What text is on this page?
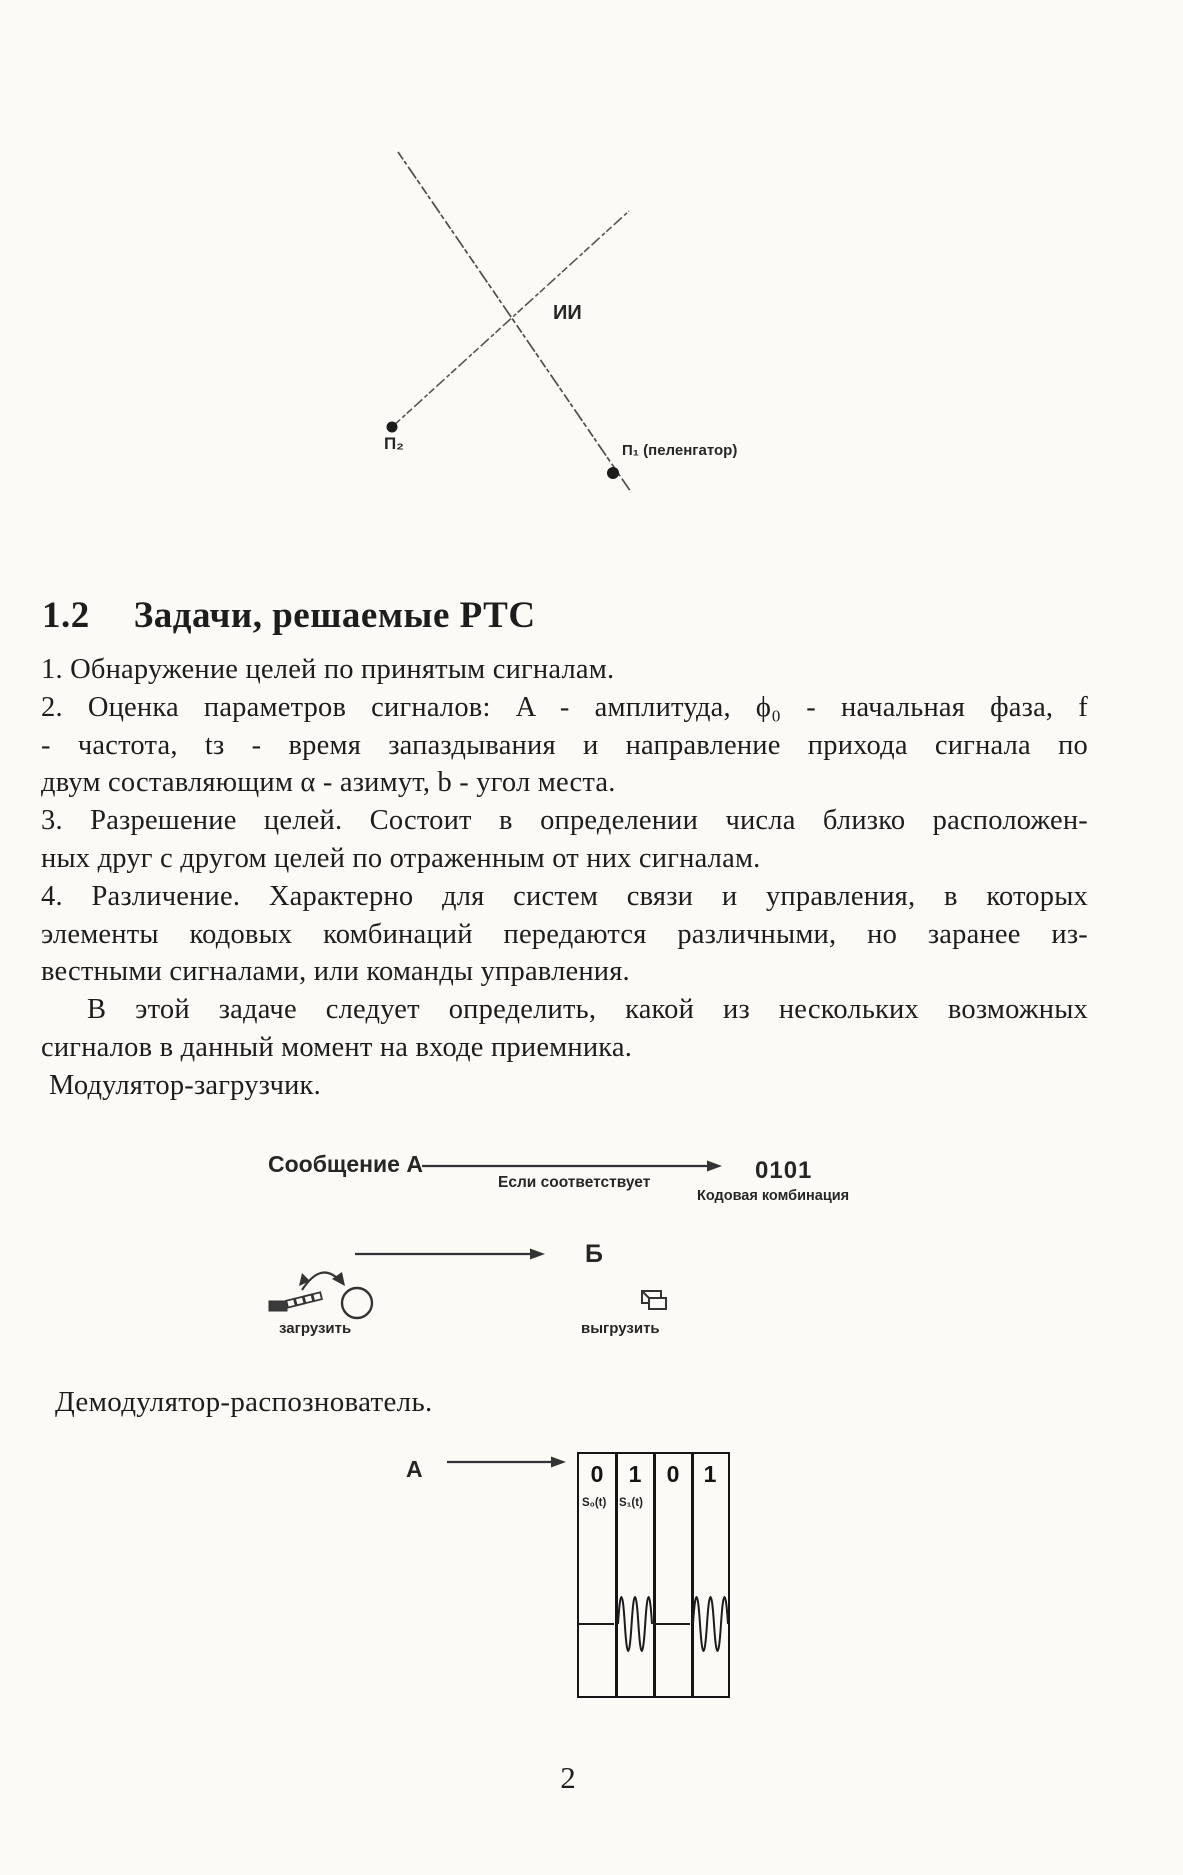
ИИ
П₂	П₁ (пеленгатор)
1.2 Задачи, решаемые РТС
1. Обнаружение целей по принятым сигналам.
2. Оценка параметров сигналов: A - амплитуда, ϕ₀ - начальная фаза, f
- частота, tз - время запаздывания и направление прихода сигнала по
двум составляющим α - азимут, b - угол места.
3. Разрешение целей. Состоит в определении числа близко расположен-
ных друг с другом целей по отраженным от них сигналам.
4. Различение. Характерно для систем связи и управления, в которых
элементы кодовых комбинаций передаются различными, но заранее из-
вестными сигналами, или команды управления.
В этой задаче следует определить, какой из нескольких возможных
сигналов в данный момент на входе приемника.
Модулятор-загрузчик.
Сообщение А
Если соответствует	0101
Кодовая комбинация
Б
загрузить	выгрузить
Демодулятор-распознователь.
A	0	1	0	1
S₀(t) S₁(t)
2
